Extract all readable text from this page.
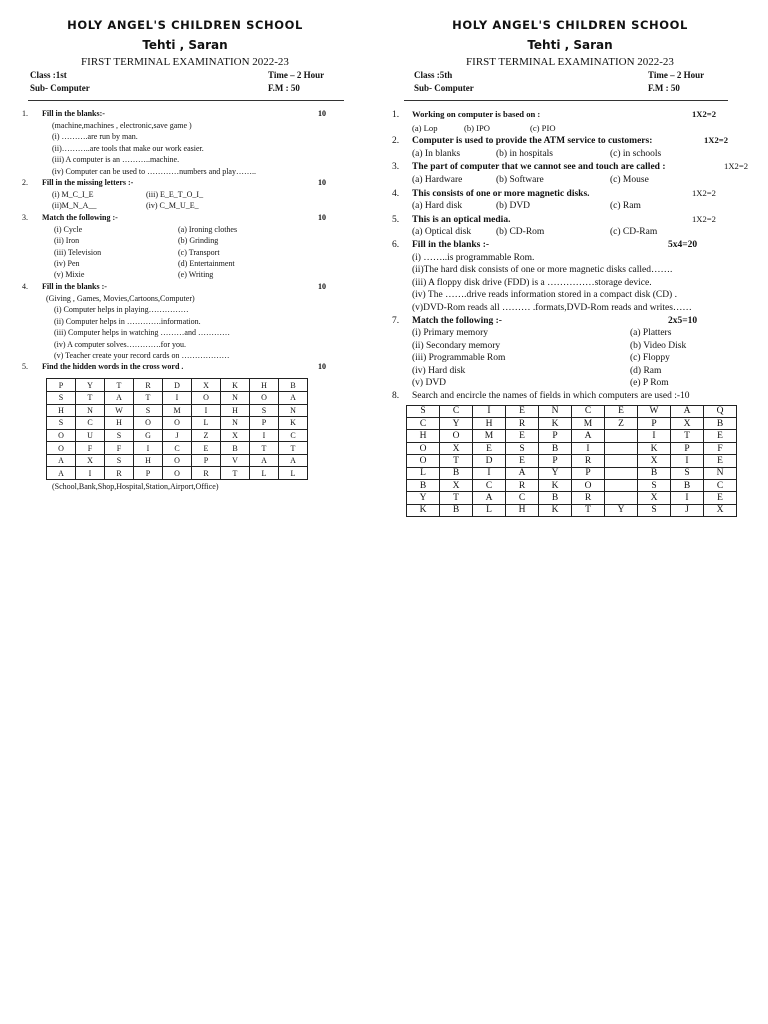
HOLY ANGEL'S CHILDREN SCHOOL
Tehti , Saran
FIRST TERMINAL EXAMINATION 2022-23
Class :1st	Time – 2 Hour
Sub- Computer	F.M : 50
1.	Fill in the blanks:-	10
(machine,machines , electronic,save game )
(i) ……….are run by man.
(ii)………..are tools that make our work easier.
(iii) A computer is an ………..machine.
(iv) Computer can be used to …………numbers and play……..
2.	Fill in the missing letters :-	10
(i) M_C_I_E	(iii) E_E_T_O_I_
(ii)M_N_A__	(iv) C_M_U_E_
3.	Match the following :-	10
(i) Cycle	(a) Ironing clothes
(ii) Iron	(b) Grinding
(iii) Television	(c) Transport
(iv) Pen	(d) Entertainment
(v) Mixie	(e) Writing
4.	Fill in the blanks :-	10
(Giving , Games, Movies,Cartoons,Computer)
(i) Computer helps in playing……………
(ii) Computer helps in ………….information.
(iii) Computer helps in watching ………and …………
(iv) A computer solves………….for you.
(v) Teacher create your record cards on ………………
5.	Find the hidden words in the cross word .	10
P	Y	T	R	D	X	K	H	B
S	T	A	T	I	O	N	O	A
H	N	W	S	M	I	H	S	N
S	C	H	O	O	L	N	P	K
O	U	S	G	J	Z	X	I	C
O	F	F	I	C	E	B	T	T
A	X	S	H	O	P	V	A	A
A	I	R	P	O	R	T	L	L
(School,Bank,Shop,Hospital,Station,Airport,Office)
HOLY ANGEL'S CHILDREN SCHOOL
Tehti , Saran
FIRST TERMINAL EXAMINATION 2022-23
Class :5th	Time – 2 Hour
Sub- Computer	F.M : 50
1.	Working on computer is based on :	1X2=2
(a) Lop	(b) IPO	(c) PIO
2.	Computer is used to provide the ATM service to customers:	1X2=2
(a) In blanks	(b) in hospitals	(c) in schools
3.	The part of computer that we cannot see and touch are called :	1X2=2
(a) Hardware	(b) Software	(c) Mouse
4.	This consists of one or more magnetic disks.	1X2=2
(a) Hard disk	(b) DVD	(c) Ram
5.	This is an optical media.	1X2=2
(a) Optical disk	(b) CD-Rom	(c) CD-Ram
6.	Fill in the blanks :-	5x4=20
(i) ……..is programmable Rom.
(ii)The hard disk consists of one or more magnetic disks called…….
(iii) A floppy disk drive (FDD) is a ……………storage device.
(iv) The …….drive reads information stored in a compact disk (CD) .
(v)DVD-Rom reads all ……… .formats,DVD-Rom reads and writes……
7.	Match the following :-	2x5=10
(i) Primary memory	(a) Platters
(ii) Secondary memory	(b) Video Disk
(iii) Programmable Rom	(c) Floppy
(iv) Hard disk	(d) Ram
(v) DVD	(e) P Rom
8.	Search and encircle the names of fields in which computers are used :-10
S	C	I	E	N	C	E	W	A	Q
C	Y	H	R	K	M	Z	P	X	B
H	O	M	E	P	A		I	T	E
O	X	E	S	B	I		K	P	F
O	T	D	E	P	R		X	I	E
L	B	I	A	Y	P		B	S	N
B	X	C	R	K	O		S	B	C
Y	T	A	C	B	R		X	I	E
K	B	L	H	K	T	Y	S	J	X
